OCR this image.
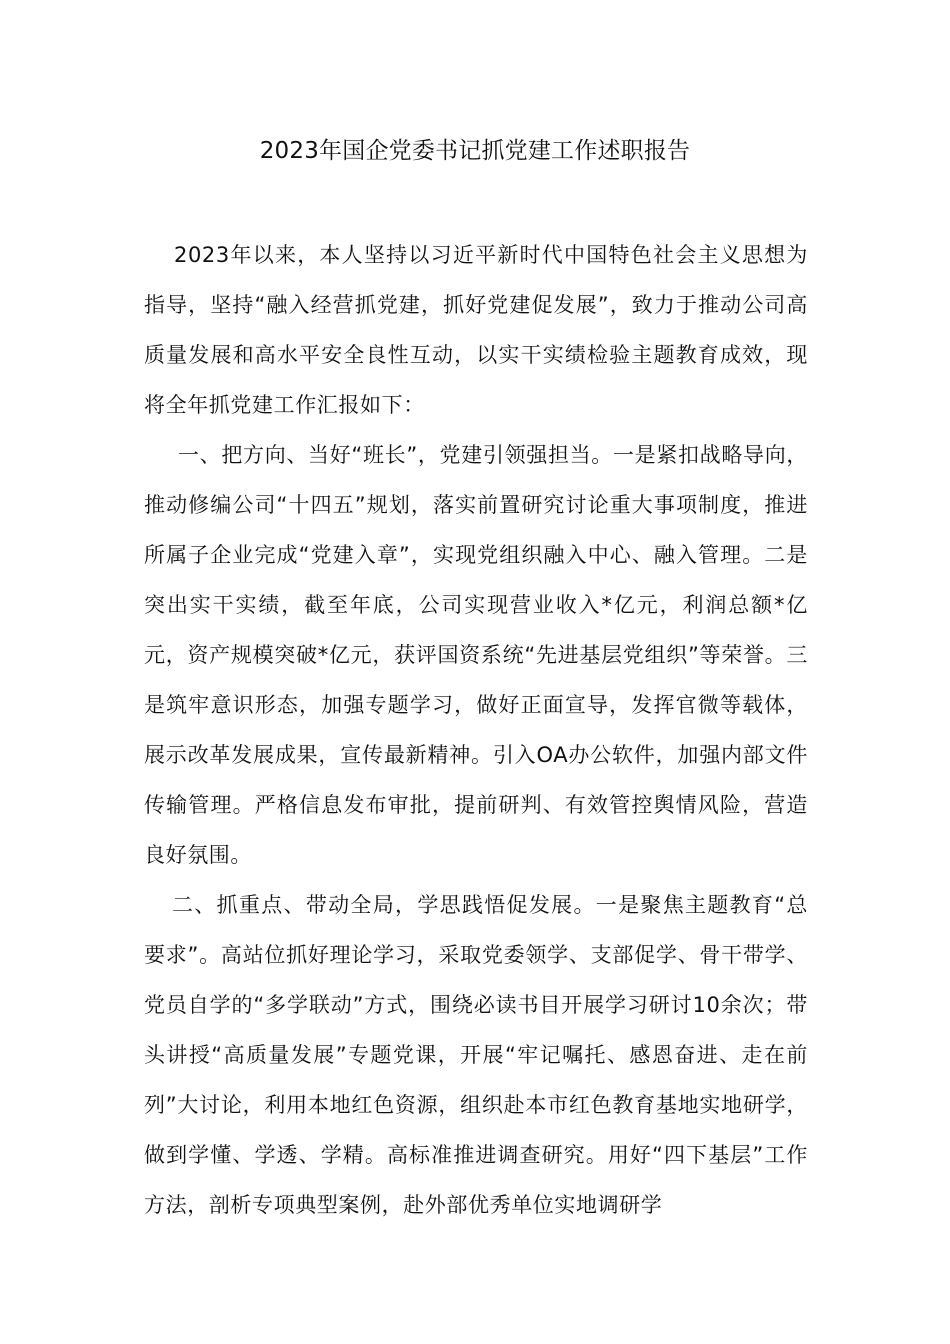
2023年国企党委书记抓党建工作述职报告

2023年以来，本人坚持以习近平新时代中国特色社会主义思想为指导，坚持“融入经营抓党建，抓好党建促发展”，致力于推动公司高质量发展和高水平安全良性互动，以实干实绩检验主题教育成效，现将全年抓党建工作汇报如下：

一、把方向、当好“班长”，党建引领强担当。一是紧扣战略导向，推动修编公司“十四五”规划，落实前置研究讨论重大事项制度，推进所属子企业完成“党建入章”，实现党组织融入中心、融入管理。二是突出实干实绩，截至年底，公司实现营业收入*亿元，利润总额*亿元，资产规模突破*亿元，获评国资系统“先进基层党组织”等荣誉。三是筑牢意识形态，加强专题学习，做好正面宣导，发挥官微等载体，展示改革发展成果，宣传最新精神。引入OA办公软件，加强内部文件传输管理。严格信息发布审批，提前研判、有效管控舆情风险，营造良好氛围。

二、抓重点、带动全局，学思践悟促发展。一是聚焦主题教育“总要求”。高站位抓好理论学习，采取党委领学、支部促学、骨干带学、党员自学的“多学联动”方式，围绕必读书目开展学习研讨10余次；带头讲授“高质量发展”专题党课，开展“牢记嘱托、感恩奋进、走在前列”大讨论，利用本地红色资源，组织赴本市红色教育基地实地研学，做到学懂、学透、学精。高标准推进调查研究。用好“四下基层”工作方法，剖析专项典型案例，赴外部优秀单位实地调研学
